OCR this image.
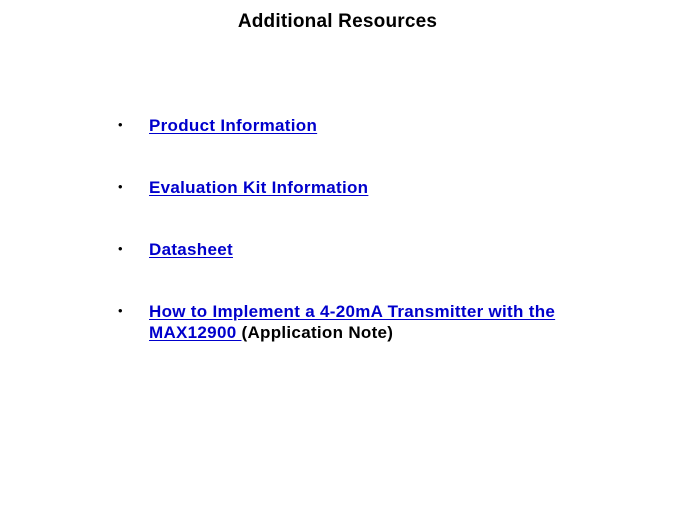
Additional Resources
• Product Information
• Evaluation Kit Information
• Datasheet
• How to Implement a 4-20mA Transmitter with the MAX12900 (Application Note)
